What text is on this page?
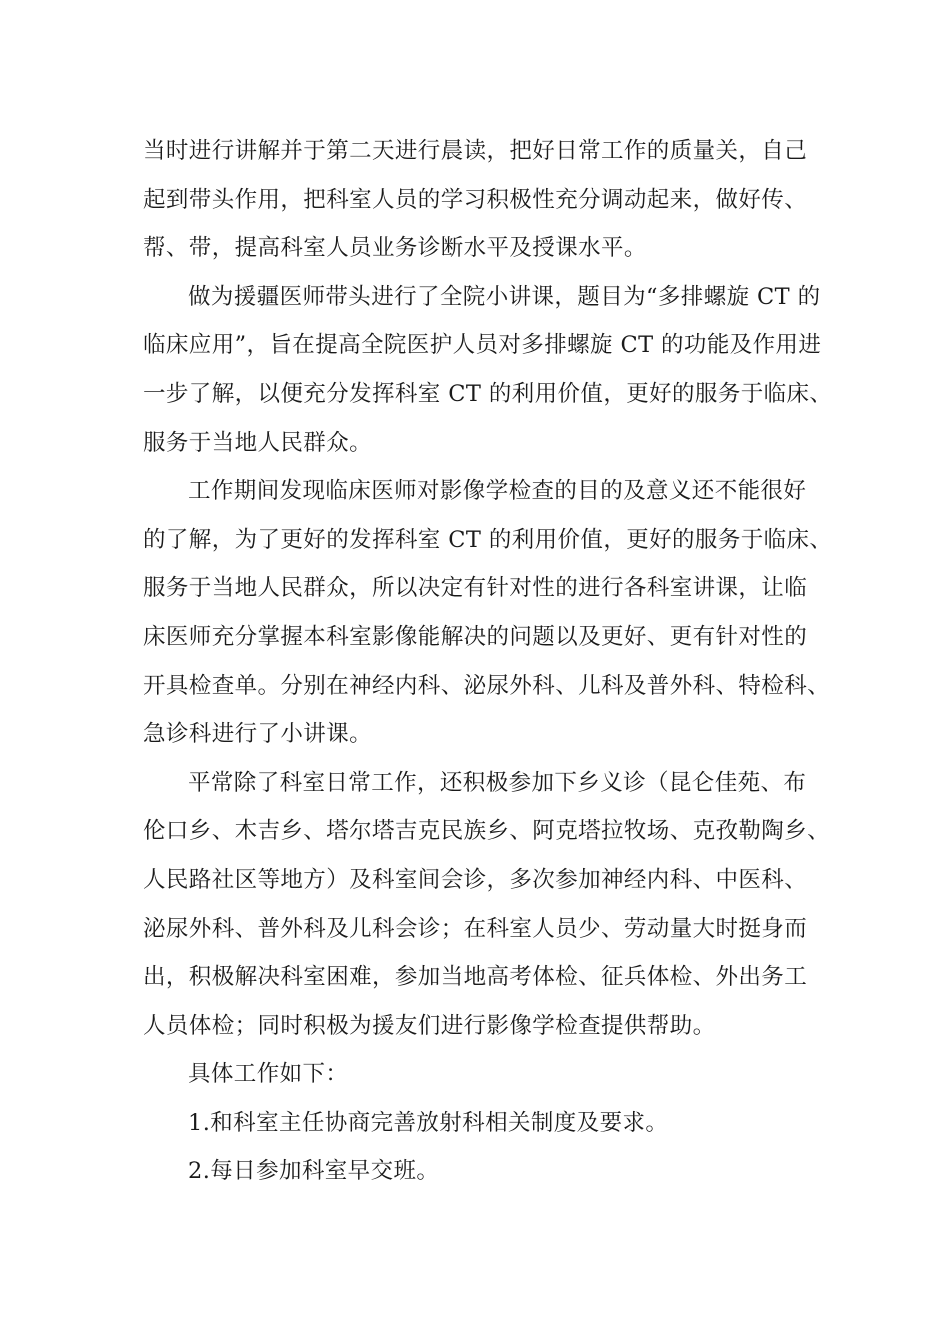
当时进行讲解并于第二天进行晨读，把好日常工作的质量关，自己

起到带头作用，把科室人员的学习积极性充分调动起来，做好传、

帮、带，提高科室人员业务诊断水平及授课水平。

做为援疆医师带头进行了全院小讲课，题目为“多排螺旋 CT 的

临床应用”，旨在提高全院医护人员对多排螺旋 CT 的功能及作用进

一步了解，以便充分发挥科室 CT 的利用价值，更好的服务于临床、

服务于当地人民群众。

工作期间发现临床医师对影像学检查的目的及意义还不能很好

的了解，为了更好的发挥科室 CT 的利用价值，更好的服务于临床、

服务于当地人民群众，所以决定有针对性的进行各科室讲课，让临

床医师充分掌握本科室影像能解决的问题以及更好、更有针对性的

开具检查单。分别在神经内科、泌尿外科、儿科及普外科、特检科、

急诊科进行了小讲课。

平常除了科室日常工作，还积极参加下乡义诊（昆仑佳苑、布

伦口乡、木吉乡、塔尔塔吉克民族乡、阿克塔拉牧场、克孜勒陶乡、

人民路社区等地方）及科室间会诊，多次参加神经内科、中医科、

泌尿外科、普外科及儿科会诊；在科室人员少、劳动量大时挺身而

出，积极解决科室困难，参加当地高考体检、征兵体检、外出务工

人员体检；同时积极为援友们进行影像学检查提供帮助。

具体工作如下：

1.和科室主任协商完善放射科相关制度及要求。

2.每日参加科室早交班。
